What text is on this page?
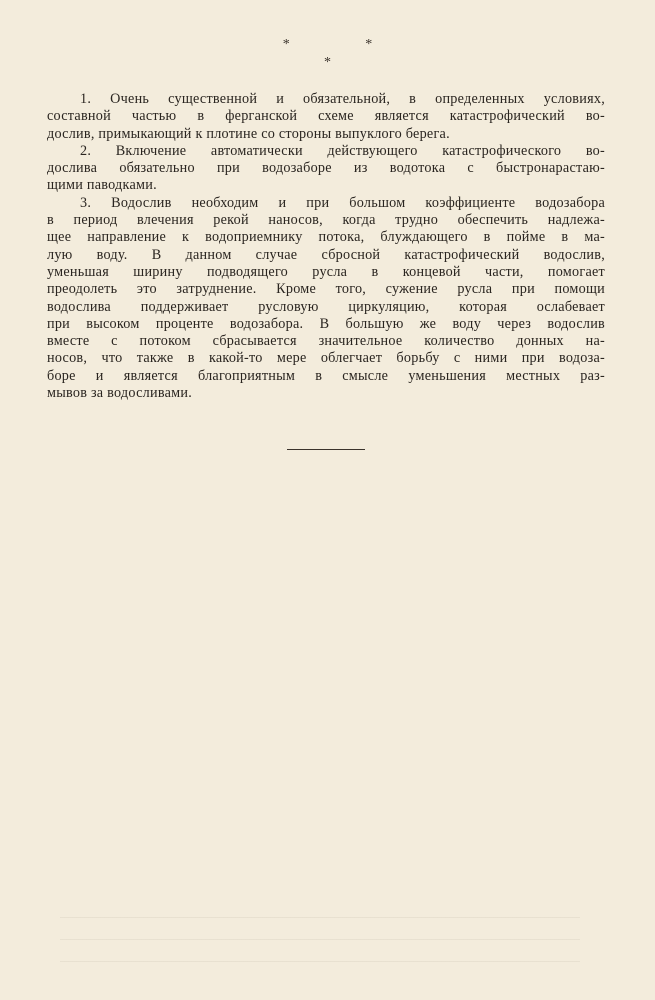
* *
*

1. Очень существенной и обязательной, в определенных условиях,
составной частью в ферганской схеме является катастрофический во-
дослив, примыкающий к плотине со стороны выпуклого берега.

2. Включение автоматически действующего катастрофического во-
дослива обязательно при водозаборе из водотока с быстронарастаю-
щими паводками.

3. Водослив необходим и при большом коэффициенте водозабора
в период влечения рекой наносов, когда трудно обеспечить надлежа-
щее направление к водоприемнику потока, блуждающего в пойме в ма-
лую воду. В данном случае сбросной катастрофический водослив,
уменьшая ширину подводящего русла в концевой части, помогает
преодолеть это затруднение. Кроме того, сужение русла при помощи
водослива поддерживает русловую циркуляцию, которая ослабевает
при высоком проценте водозабора. В большую же воду через водослив
вместе с потоком сбрасывается значительное количество донных на-
носов, что также в какой-то мере облегчает борьбу с ними при водоза-
боре и является благоприятным в смысле уменьшения местных раз-
мывов за водосливами.
